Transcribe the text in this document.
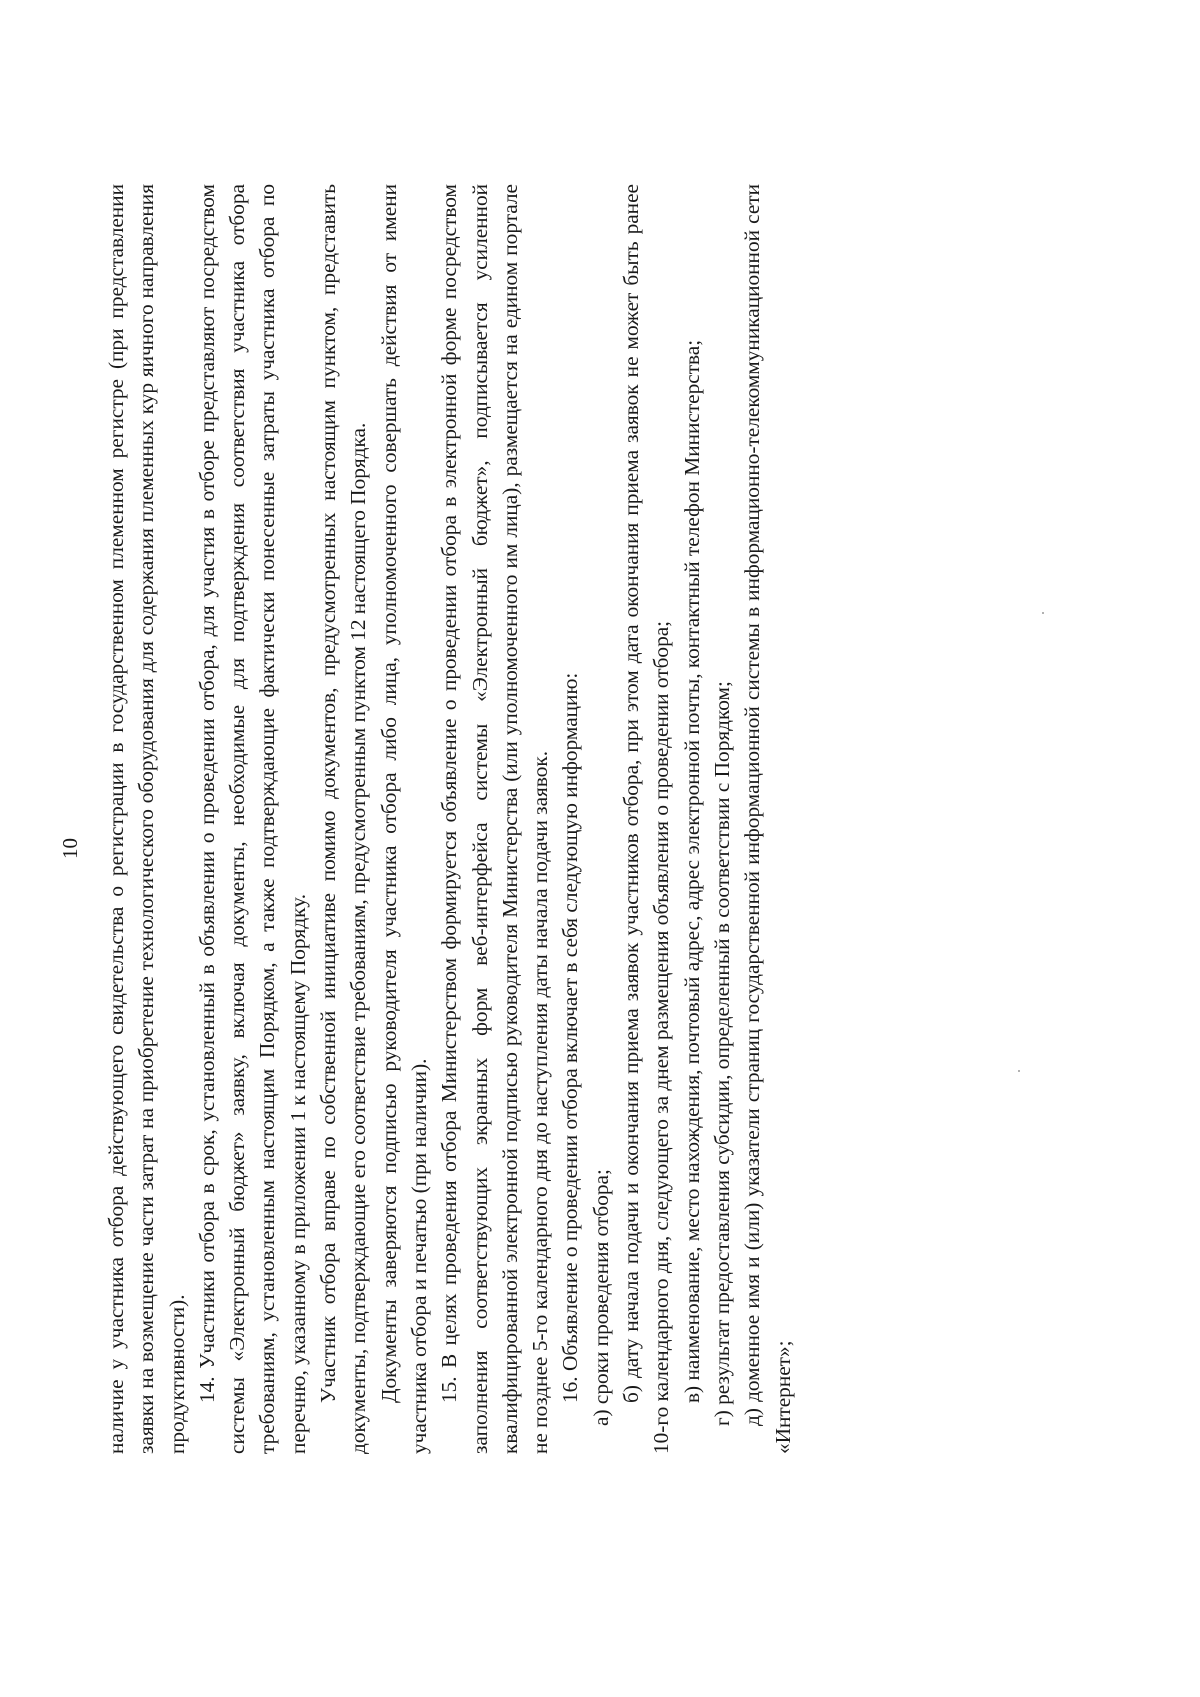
10 наличие у участника отбора действующего свидетельства о регистрации в государственном племенном регистре (при представлении заявки на возмещение части затрат на приобретение технологического оборудования для содержания племенных кур яичного направления продуктивности). 14. Участники отбора в срок, установленный в объявлении о проведении отбора, для участия в отборе представляют посредством системы «Электронный бюджет» заявку, включая документы, необходимые для подтверждения соответствия участника отбора требованиям, установленным настоящим Порядком, а также подтверждающие фактически понесенные затраты участника отбора по перечню, указанному в приложении 1 к настоящему Порядку. Участник отбора вправе по собственной инициативе помимо документов, предусмотренных настоящим пунктом, представить документы, подтверждающие его соответствие требованиям, предусмотренным пунктом 12 настоящего Порядка. Документы заверяются подписью руководителя участника отбора либо лица, уполномоченного совершать действия от имени участника отбора и печатью (при наличии). 15. В целях проведения отбора Министерством формируется объявление о проведении отбора в электронной форме посредством заполнения соответствующих экранных форм веб-интерфейса системы «Электронный бюджет», подписывается усиленной квалифицированной электронной подписью руководителя Министерства (или уполномоченного им лица), размещается на едином портале не позднее 5-го календарного дня до наступления даты начала подачи заявок. 16. Объявление о проведении отбора включает в себя следующую информацию: а) сроки проведения отбора; б) дату начала подачи и окончания приема заявок участников отбора, при этом дата окончания приема заявок не может быть ранее 10-го календарного дня, следующего за днем размещения объявления о проведении отбора; в) наименование, место нахождения, почтовый адрес, адрес электронной почты, контактный телефон Министерства; г) результат предоставления субсидии, определенный в соответствии с Порядком; д) доменное имя и (или) указатели страниц государственной информационной системы в информационно-телекоммуникационной сети «Интернет»;
